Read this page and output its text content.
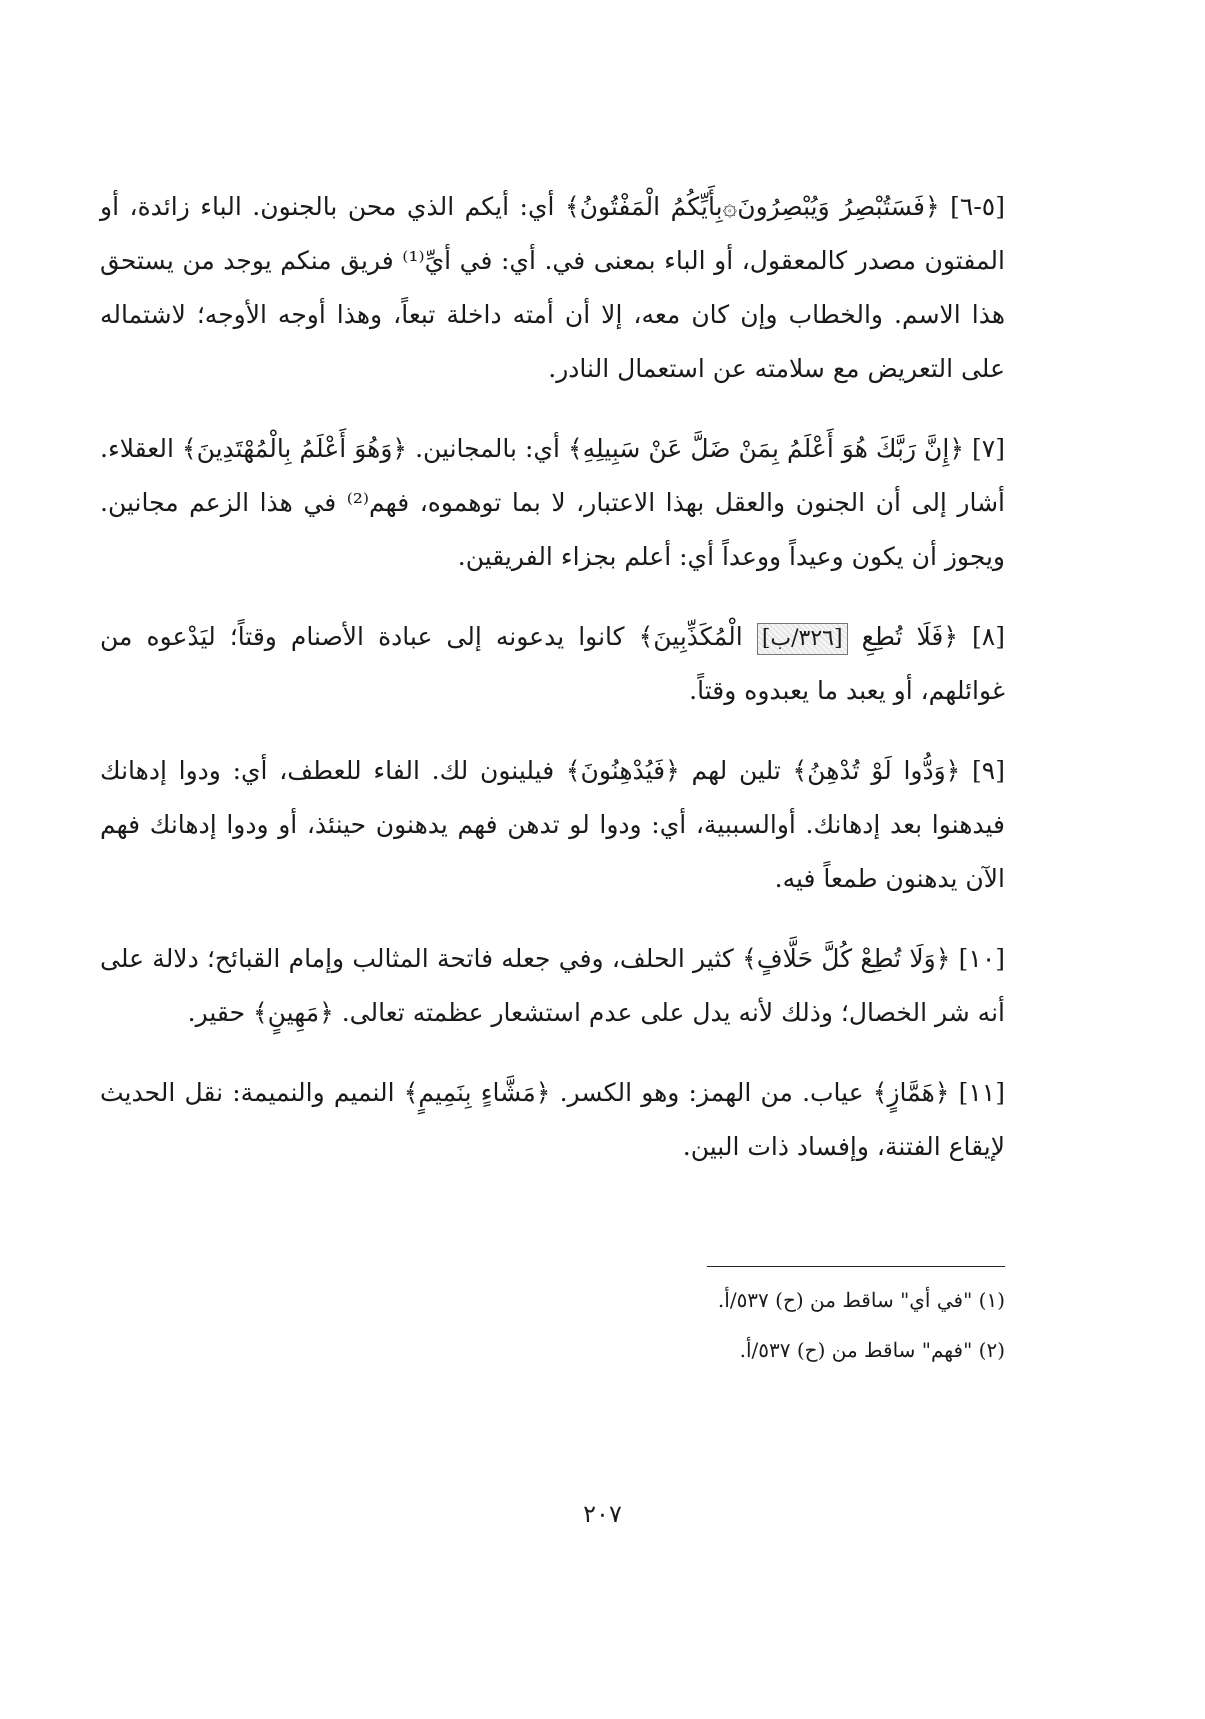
[٥-٦] ﴿فَسَتُبْصِرُ وَيُبْصِرُونَ۞بِأَيِّكُمُ الْمَفْتُونُ﴾ أي: أيكم الذي محن بالجنون. الباء زائدة، أو المفتون مصدر كالمعقول، أو الباء بمعنى في. أي: في أيِّ⁽¹⁾ فريق منكم يوجد من يستحق هذا الاسم. والخطاب وإن كان معه، إلا أن أمته داخلة تبعاً، وهذا أوجه الأوجه؛ لاشتماله على التعريض مع سلامته عن استعمال النادر.

[٧] ﴿إِنَّ رَبَّكَ هُوَ أَعْلَمُ بِمَنْ ضَلَّ عَنْ سَبِيلِهِ﴾ أي: بالمجانين. ﴿وَهُوَ أَعْلَمُ بِالْمُهْتَدِينَ﴾ العقلاء. أشار إلى أن الجنون والعقل بهذا الاعتبار، لا بما توهموه، فهم⁽²⁾ في هذا الزعم مجانين. ويجوز أن يكون وعيداً ووعداً أي: أعلم بجزاء الفريقين.

[٨] ﴿فَلَا تُطِعِ [٣٢٦/ب] الْمُكَذِّبِينَ﴾ كانوا يدعونه إلى عبادة الأصنام وقتاً؛ ليَدْعوه من غوائلهم، أو يعبد ما يعبدوه وقتاً.

[٩] ﴿وَدُّوا لَوْ تُدْهِنُ﴾ تلين لهم ﴿فَيُدْهِنُونَ﴾ فيلينون لك. الفاء للعطف، أي: ودوا إدهانك فيدهنوا بعد إدهانك. أوالسببية، أي: ودوا لو تدهن فهم يدهنون حينئذ، أو ودوا إدهانك فهم الآن يدهنون طمعاً فيه.

[١٠] ﴿وَلَا تُطِعْ كُلَّ حَلَّافٍ﴾ كثير الحلف، وفي جعله فاتحة المثالب وإمام القبائح؛ دلالة على أنه شر الخصال؛ وذلك لأنه يدل على عدم استشعار عظمته تعالى. ﴿مَهِينٍ﴾ حقير.

[١١] ﴿هَمَّازٍ﴾ عياب. من الهمز: وهو الكسر. ﴿مَشَّاءٍ بِنَمِيمٍ﴾ النميم والنميمة: نقل الحديث لإيقاع الفتنة، وإفساد ذات البين.

(١) "في أي" ساقط من (ح) ٥٣٧/أ.

(٢) "فهم" ساقط من (ح) ٥٣٧/أ.

٢٠٧
